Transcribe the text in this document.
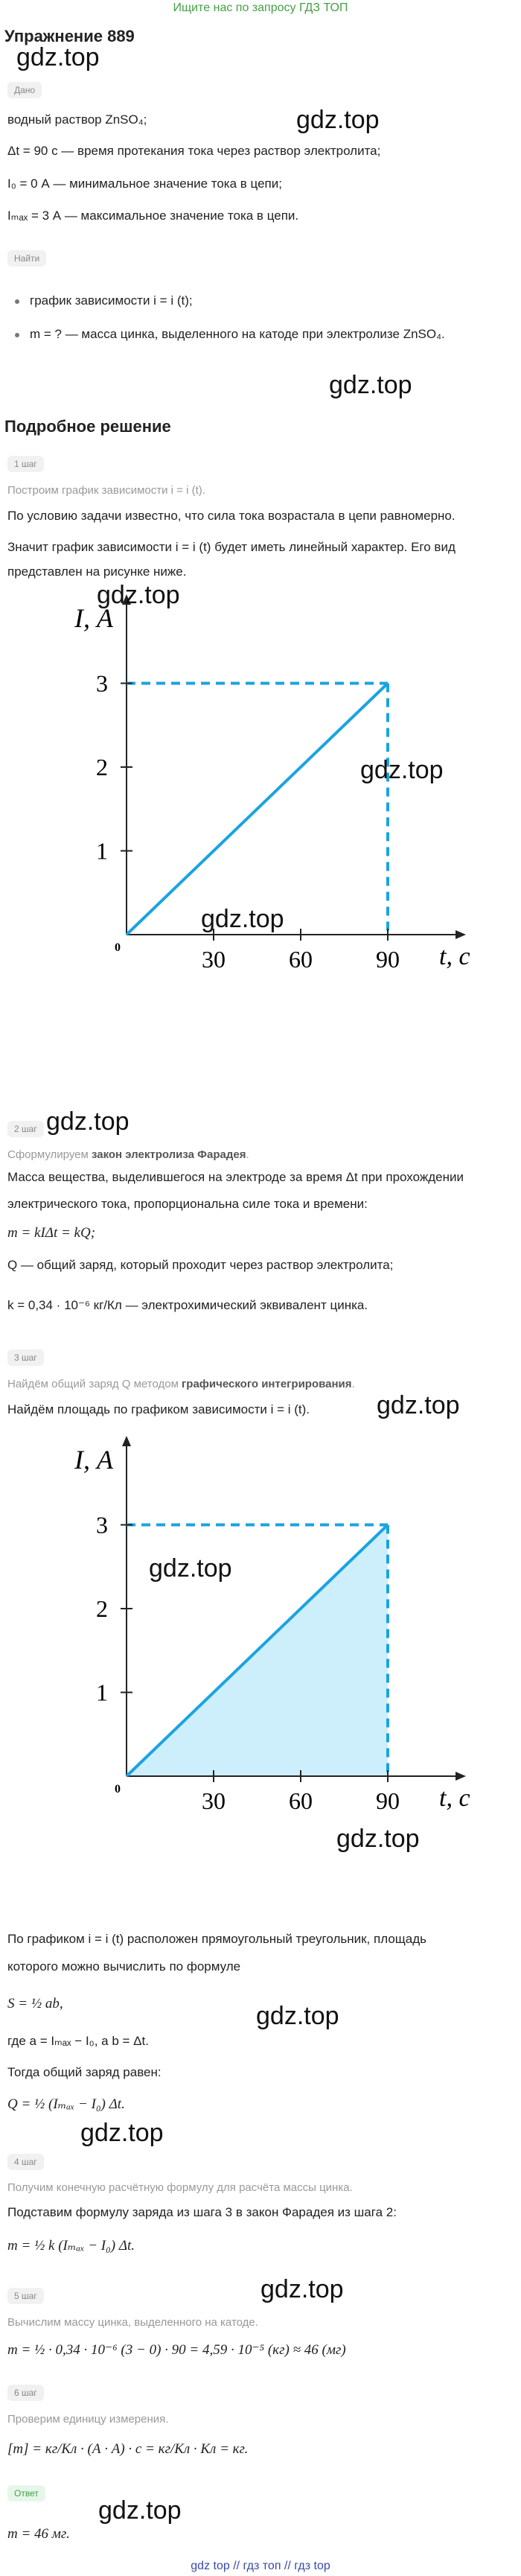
Ищите нас по запросу ГДЗ ТОП
Упражнение 889
gdz.top
Дано
gdz.top
водный раствор ZnSO₄;
Δt = 90 с — время протекания тока через раствор электролита;
I₀ = 0 А — минимальное значение тока в цепи;
Iₘₐₓ = 3 А — максимальное значение тока в цепи.
Найти
график зависимости i = i (t);
m = ? — масса цинка, выделенного на катоде при электролизе ZnSO₄.
gdz.top
Подробное решение
1 шаг
Построим график зависимости i = i (t).
По условию задачи известно, что сила тока возрастала в цепи равномерно.
Значит график зависимости i = i (t) будет иметь линейный характер. Его вид
представлен на рисунке ниже.
30	60	90
1
2
3
0
I, А
t, с
gdz.top
gdz.top
gdz.top
2 шаг gdz.top
Сформулируем закон электролиза Фарадея.
Масса вещества, выделившегося на электроде за время Δt при прохождении
электрического тока, пропорциональна силе тока и времени:
m = kIΔt = kQ;
Q — общий заряд, который проходит через раствор электролита;
k = 0,34 · 10⁻⁶ кг/Кл — электрохимический эквивалент цинка.
3 шаг
Найдём общий заряд Q методом графического интегрирования.
Найдём площадь по графиком зависимости i = i (t).	gdz.top
30	60	90
1
2
3
0
I, А
t, с
gdz.top
gdz.top
По графиком i = i (t) расположен прямоугольный треугольник, площадь
которого можно вычислить по формуле
S = ½ ab,	gdz.top
где a = Iₘₐₓ − I₀, a b = Δt.
Тогда общий заряд равен:
Q = ½ (Iₘₐₓ − I₀) Δt.
gdz.top
4 шаг
Получим конечную расчётную формулу для расчёта массы цинка.
Подставим формулу заряда из шага 3 в закон Фарадея из шага 2:
m = ½ k (Iₘₐₓ − I₀) Δt.
gdz.top
5 шаг
Вычислим массу цинка, выделенного на катоде.
m = ½ · 0,34 · 10⁻⁶ (3 − 0) · 90 = 4,59 · 10⁻⁵ (кг) ≈ 46 (мг)
6 шаг
Проверим единицу измерения.
[m] = кг/Кл · (А · А) · с = кг/Кл · Кл = кг.
Ответ
gdz.top
m = 46 мг.
gdz top // гдз топ // гдз top
